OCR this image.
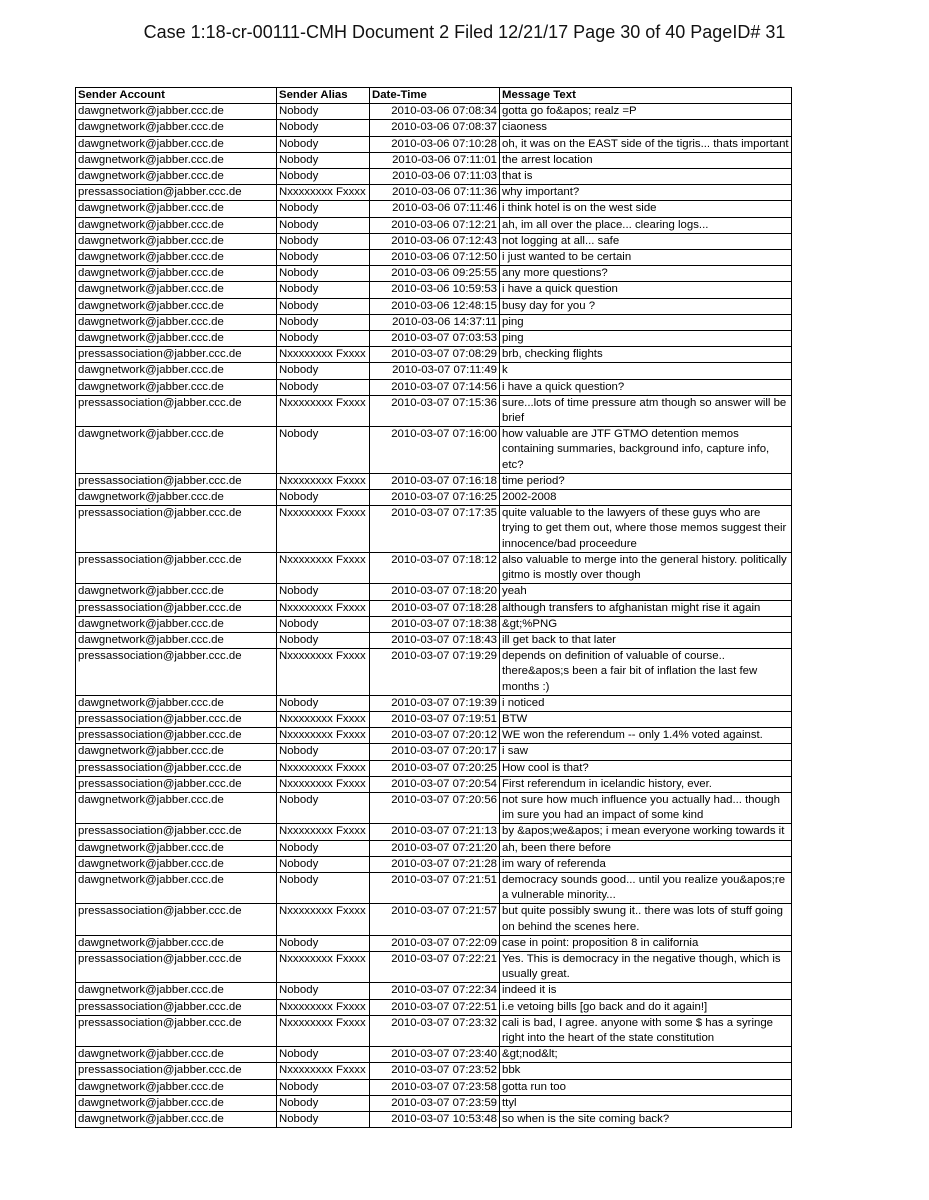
Case 1:18-cr-00111-CMH Document 2 Filed 12/21/17 Page 30 of 40 PageID# 31
Sender Account	Sender Alias	Date-Time	Message Text
dawgnetwork@jabber.ccc.de	Nobody	2010-03-06 07:08:34	gotta go fo&apos; realz =P
dawgnetwork@jabber.ccc.de	Nobody	2010-03-06 07:08:37	ciaoness
dawgnetwork@jabber.ccc.de	Nobody	2010-03-06 07:10:28	oh, it was on the EAST side of the tigris... thats important
dawgnetwork@jabber.ccc.de	Nobody	2010-03-06 07:11:01	the arrest location
dawgnetwork@jabber.ccc.de	Nobody	2010-03-06 07:11:03	that is
pressassociation@jabber.ccc.de	Nxxxxxxxx Fxxxx	2010-03-06 07:11:36	why important?
dawgnetwork@jabber.ccc.de	Nobody	2010-03-06 07:11:46	i think hotel is on the west side
dawgnetwork@jabber.ccc.de	Nobody	2010-03-06 07:12:21	ah, im all over the place... clearing logs...
dawgnetwork@jabber.ccc.de	Nobody	2010-03-06 07:12:43	not logging at all... safe
dawgnetwork@jabber.ccc.de	Nobody	2010-03-06 07:12:50	i just wanted to be certain
dawgnetwork@jabber.ccc.de	Nobody	2010-03-06 09:25:55	any more questions?
dawgnetwork@jabber.ccc.de	Nobody	2010-03-06 10:59:53	i have a quick question
dawgnetwork@jabber.ccc.de	Nobody	2010-03-06 12:48:15	busy day for you ?
dawgnetwork@jabber.ccc.de	Nobody	2010-03-06 14:37:11	ping
dawgnetwork@jabber.ccc.de	Nobody	2010-03-07 07:03:53	ping
pressassociation@jabber.ccc.de	Nxxxxxxxx Fxxxx	2010-03-07 07:08:29	brb, checking flights
dawgnetwork@jabber.ccc.de	Nobody	2010-03-07 07:11:49	k
dawgnetwork@jabber.ccc.de	Nobody	2010-03-07 07:14:56	i have a quick question?
pressassociation@jabber.ccc.de	Nxxxxxxxx Fxxxx	2010-03-07 07:15:36	sure...lots of time pressure atm though so answer will be brief
dawgnetwork@jabber.ccc.de	Nobody	2010-03-07 07:16:00	how valuable are JTF GTMO detention memos containing summaries, background info, capture info, etc?
pressassociation@jabber.ccc.de	Nxxxxxxxx Fxxxx	2010-03-07 07:16:18	time period?
dawgnetwork@jabber.ccc.de	Nobody	2010-03-07 07:16:25	2002-2008
pressassociation@jabber.ccc.de	Nxxxxxxxx Fxxxx	2010-03-07 07:17:35	quite valuable to the lawyers of these guys who are trying to get them out, where those memos suggest their innocence/bad proceedure
pressassociation@jabber.ccc.de	Nxxxxxxxx Fxxxx	2010-03-07 07:18:12	also valuable to merge into the general history. politically gitmo is mostly over though
dawgnetwork@jabber.ccc.de	Nobody	2010-03-07 07:18:20	yeah
pressassociation@jabber.ccc.de	Nxxxxxxxx Fxxxx	2010-03-07 07:18:28	although transfers to afghanistan might rise it again
dawgnetwork@jabber.ccc.de	Nobody	2010-03-07 07:18:38	&gt;%PNG
dawgnetwork@jabber.ccc.de	Nobody	2010-03-07 07:18:43	ill get back to that later
pressassociation@jabber.ccc.de	Nxxxxxxxx Fxxxx	2010-03-07 07:19:29	depends on definition of valuable of course.. there&apos;s been a fair bit of inflation the last few months :)
dawgnetwork@jabber.ccc.de	Nobody	2010-03-07 07:19:39	i noticed
pressassociation@jabber.ccc.de	Nxxxxxxxx Fxxxx	2010-03-07 07:19:51	BTW
pressassociation@jabber.ccc.de	Nxxxxxxxx Fxxxx	2010-03-07 07:20:12	WE won the referendum -- only 1.4% voted against.
dawgnetwork@jabber.ccc.de	Nobody	2010-03-07 07:20:17	i saw
pressassociation@jabber.ccc.de	Nxxxxxxxx Fxxxx	2010-03-07 07:20:25	How cool is that?
pressassociation@jabber.ccc.de	Nxxxxxxxx Fxxxx	2010-03-07 07:20:54	First referendum in icelandic history, ever.
dawgnetwork@jabber.ccc.de	Nobody	2010-03-07 07:20:56	not sure how much influence you actually had... though im sure you had an impact of some kind
pressassociation@jabber.ccc.de	Nxxxxxxxx Fxxxx	2010-03-07 07:21:13	by &apos;we&apos; i mean everyone working towards it
dawgnetwork@jabber.ccc.de	Nobody	2010-03-07 07:21:20	ah, been there before
dawgnetwork@jabber.ccc.de	Nobody	2010-03-07 07:21:28	im wary of referenda
dawgnetwork@jabber.ccc.de	Nobody	2010-03-07 07:21:51	democracy sounds good... until you realize you&apos;re a vulnerable minority...
pressassociation@jabber.ccc.de	Nxxxxxxxx Fxxxx	2010-03-07 07:21:57	but quite possibly swung it.. there was lots of stuff going on behind the scenes here.
dawgnetwork@jabber.ccc.de	Nobody	2010-03-07 07:22:09	case in point: proposition 8 in california
pressassociation@jabber.ccc.de	Nxxxxxxxx Fxxxx	2010-03-07 07:22:21	Yes. This is democracy in the negative though, which is usually great.
dawgnetwork@jabber.ccc.de	Nobody	2010-03-07 07:22:34	indeed it is
pressassociation@jabber.ccc.de	Nxxxxxxxx Fxxxx	2010-03-07 07:22:51	i.e vetoing bills [go back and do it again!]
pressassociation@jabber.ccc.de	Nxxxxxxxx Fxxxx	2010-03-07 07:23:32	cali is bad, I agree. anyone with some $ has a syringe right into the heart of the state constitution
dawgnetwork@jabber.ccc.de	Nobody	2010-03-07 07:23:40	&gt;nod&lt;
pressassociation@jabber.ccc.de	Nxxxxxxxx Fxxxx	2010-03-07 07:23:52	bbk
dawgnetwork@jabber.ccc.de	Nobody	2010-03-07 07:23:58	gotta run too
dawgnetwork@jabber.ccc.de	Nobody	2010-03-07 07:23:59	ttyl
dawgnetwork@jabber.ccc.de	Nobody	2010-03-07 10:53:48	so when is the site coming back?
